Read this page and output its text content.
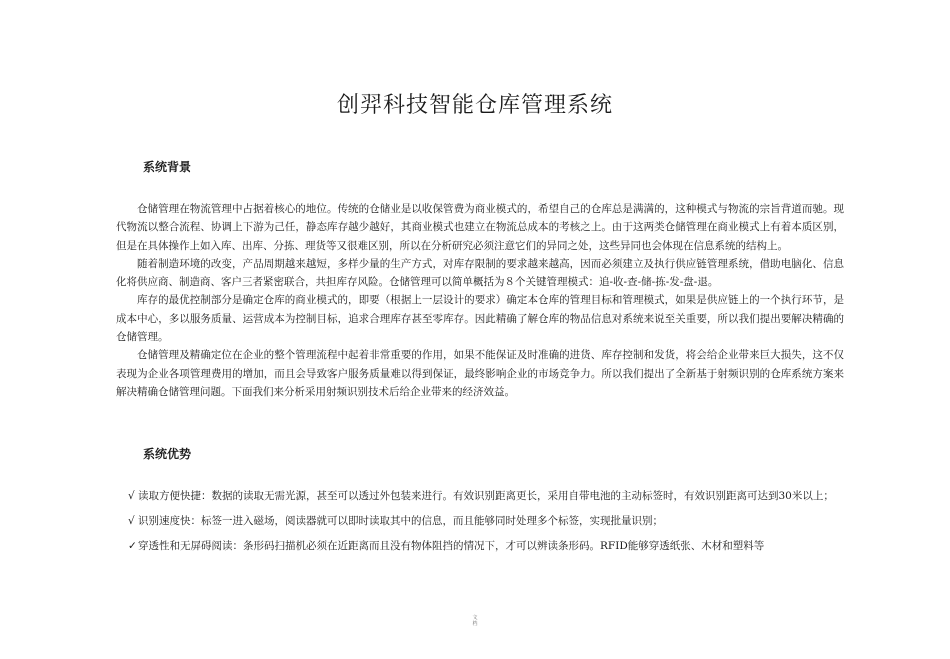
创羿科技智能仓库管理系统
系统背景

仓储管理在物流管理中占据着核心的地位。传统的仓储业是以收保管费为商业模式的，希望自己的仓库总是满满的，这种模式与物流的宗旨背道而驰。现代物流以整合流程、协调上下游为己任，静态库存越少越好，其商业模式也建立在物流总成本的考核之上。由于这两类仓储管理在商业模式上有着本质区别，但是在具体操作上如入库、出库、分拣、理货等又很难区别，所以在分析研究必须注意它们的异同之处，这些异同也会体现在信息系统的结构上。

随着制造环境的改变，产品周期越来越短，多样少量的生产方式，对库存限制的要求越来越高，因而必须建立及执行供应链管理系统，借助电脑化、信息化将供应商、制造商、客户三者紧密联合，共担库存风险。仓储管理可以简单概括为８个关键管理模式：追-收-查-储-拣-发-盘-退。

库存的最优控制部分是确定仓库的商业模式的，即要（根据上一层设计的要求）确定本仓库的管理目标和管理模式，如果是供应链上的一个执行环节，是成本中心，多以服务质量、运营成本为控制目标，追求合理库存甚至零库存。因此精确了解仓库的物品信息对系统来说至关重要，所以我们提出要解决精确的仓储管理。

仓储管理及精确定位在企业的整个管理流程中起着非常重要的作用，如果不能保证及时准确的进货、库存控制和发货，将会给企业带来巨大损失，这不仅表现为企业各项管理费用的增加，而且会导致客户服务质量难以得到保证，最终影响企业的市场竞争力。所以我们提出了全新基于射频识别的仓库系统方案来解决精确仓储管理问题。下面我们来分析采用射频识别技术后给企业带来的经济效益。

系统优势
√ 读取方便快捷：数据的读取无需光源，甚至可以透过外包装来进行。有效识别距离更长，采用自带电池的主动标签时，有效识别距离可达到30米以上；
√ 识别速度快：标签一进入磁场，阅读器就可以即时读取其中的信息，而且能够同时处理多个标签，实现批量识别；
✓穿透性和无屏碍阅读：条形码扫描机必须在近距离而且没有物体阻挡的情况下，才可以辨读条形码。RFID能够穿透纸张、木材和塑料等
文
档
